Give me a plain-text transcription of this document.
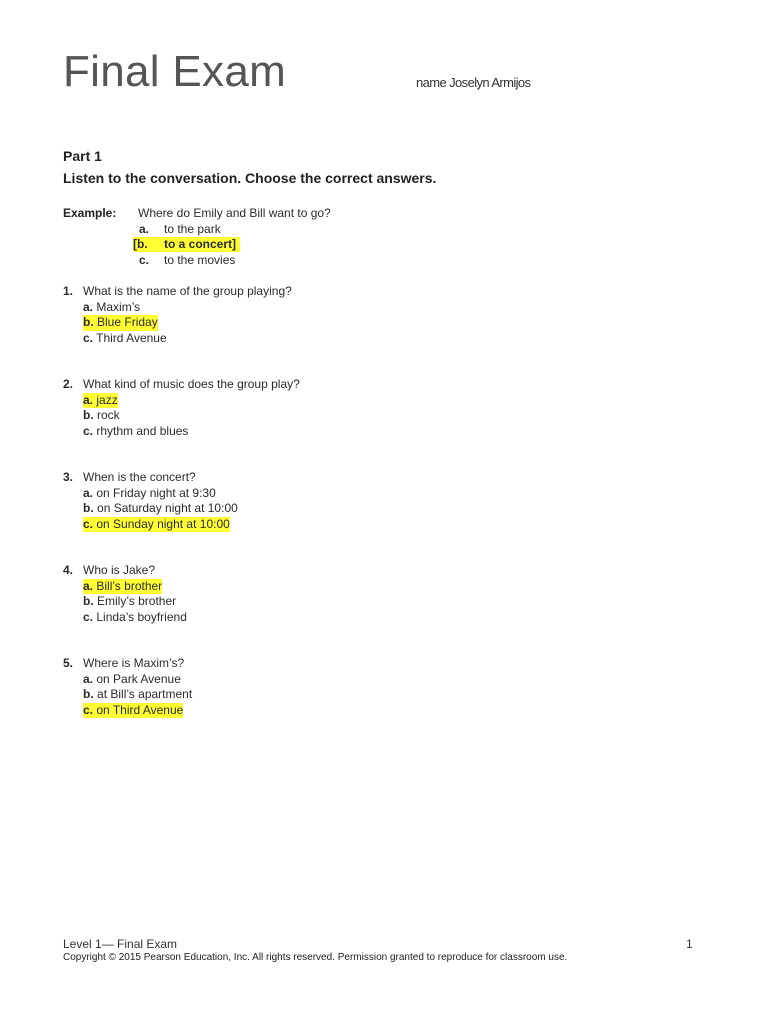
Final Exam	name Joselyn Armijos
Part 1
Listen to the conversation. Choose the correct answers.
Example: Where do Emily and Bill want to go?
a. to the park
[b. to a concert]
c. to the movies
1. What is the name of the group playing?
a. Maxim’s
b. Blue Friday
c. Third Avenue
2. What kind of music does the group play?
a. jazz
b. rock
c. rhythm and blues
3. When is the concert?
a. on Friday night at 9:30
b. on Saturday night at 10:00
c. on Sunday night at 10:00
4. Who is Jake?
a. Bill’s brother
b. Emily’s brother
c. Linda’s boyfriend
5. Where is Maxim’s?
a. on Park Avenue
b. at Bill’s apartment
c. on Third Avenue
Level 1— Final Exam	1
Copyright © 2015 Pearson Education, Inc. All rights reserved. Permission granted to reproduce for classroom use.
